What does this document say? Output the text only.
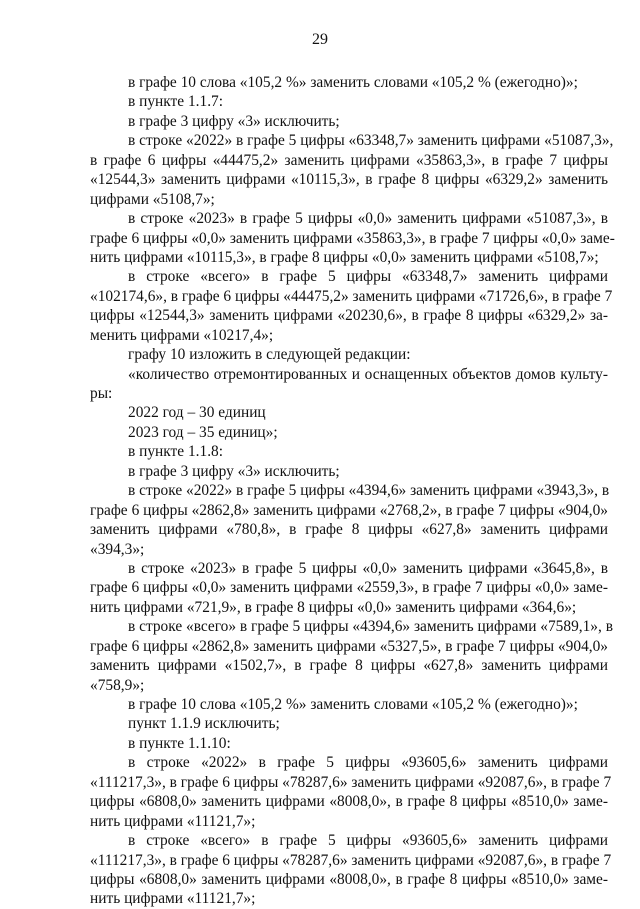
29
в графе 10 слова «105,2 %» заменить словами «105,2 % (ежегодно)»;
в пункте 1.1.7:
в графе 3 цифру «3» исключить;
в строке «2022» в графе 5 цифры «63348,7» заменить цифрами «51087,3»,
в графе 6 цифры «44475,2» заменить цифрами «35863,3», в графе 7 цифры
«12544,3» заменить цифрами «10115,3», в графе 8 цифры «6329,2» заменить
цифрами «5108,7»;
в строке «2023» в графе 5 цифры «0,0» заменить цифрами «51087,3», в
графе 6 цифры «0,0» заменить цифрами «35863,3», в графе 7 цифры «0,0» заме-
нить цифрами «10115,3», в графе 8 цифры «0,0» заменить цифрами «5108,7»;
в строке «всего» в графе 5 цифры «63348,7» заменить цифрами
«102174,6», в графе 6 цифры «44475,2» заменить цифрами «71726,6», в графе 7
цифры «12544,3» заменить цифрами «20230,6», в графе 8 цифры «6329,2» за-
менить цифрами «10217,4»;
графу 10 изложить в следующей редакции:
«количество отремонтированных и оснащенных объектов домов культу-
ры:
2022 год – 30 единиц
2023 год – 35 единиц»;
в пункте 1.1.8:
в графе 3 цифру «3» исключить;
в строке «2022» в графе 5 цифры «4394,6» заменить цифрами «3943,3», в
графе 6 цифры «2862,8» заменить цифрами «2768,2», в графе 7 цифры «904,0»
заменить цифрами «780,8», в графе 8 цифры «627,8» заменить цифрами
«394,3»;
в строке «2023» в графе 5 цифры «0,0» заменить цифрами «3645,8», в
графе 6 цифры «0,0» заменить цифрами «2559,3», в графе 7 цифры «0,0» заме-
нить цифрами «721,9», в графе 8 цифры «0,0» заменить цифрами «364,6»;
в строке «всего» в графе 5 цифры «4394,6» заменить цифрами «7589,1», в
графе 6 цифры «2862,8» заменить цифрами «5327,5», в графе 7 цифры «904,0»
заменить цифрами «1502,7», в графе 8 цифры «627,8» заменить цифрами
«758,9»;
в графе 10 слова «105,2 %» заменить словами «105,2 % (ежегодно)»;
пункт 1.1.9 исключить;
в пункте 1.1.10:
в строке «2022» в графе 5 цифры «93605,6» заменить цифрами
«111217,3», в графе 6 цифры «78287,6» заменить цифрами «92087,6», в графе 7
цифры «6808,0» заменить цифрами «8008,0», в графе 8 цифры «8510,0» заме-
нить цифрами «11121,7»;
в строке «всего» в графе 5 цифры «93605,6» заменить цифрами
«111217,3», в графе 6 цифры «78287,6» заменить цифрами «92087,6», в графе 7
цифры «6808,0» заменить цифрами «8008,0», в графе 8 цифры «8510,0» заме-
нить цифрами «11121,7»;
